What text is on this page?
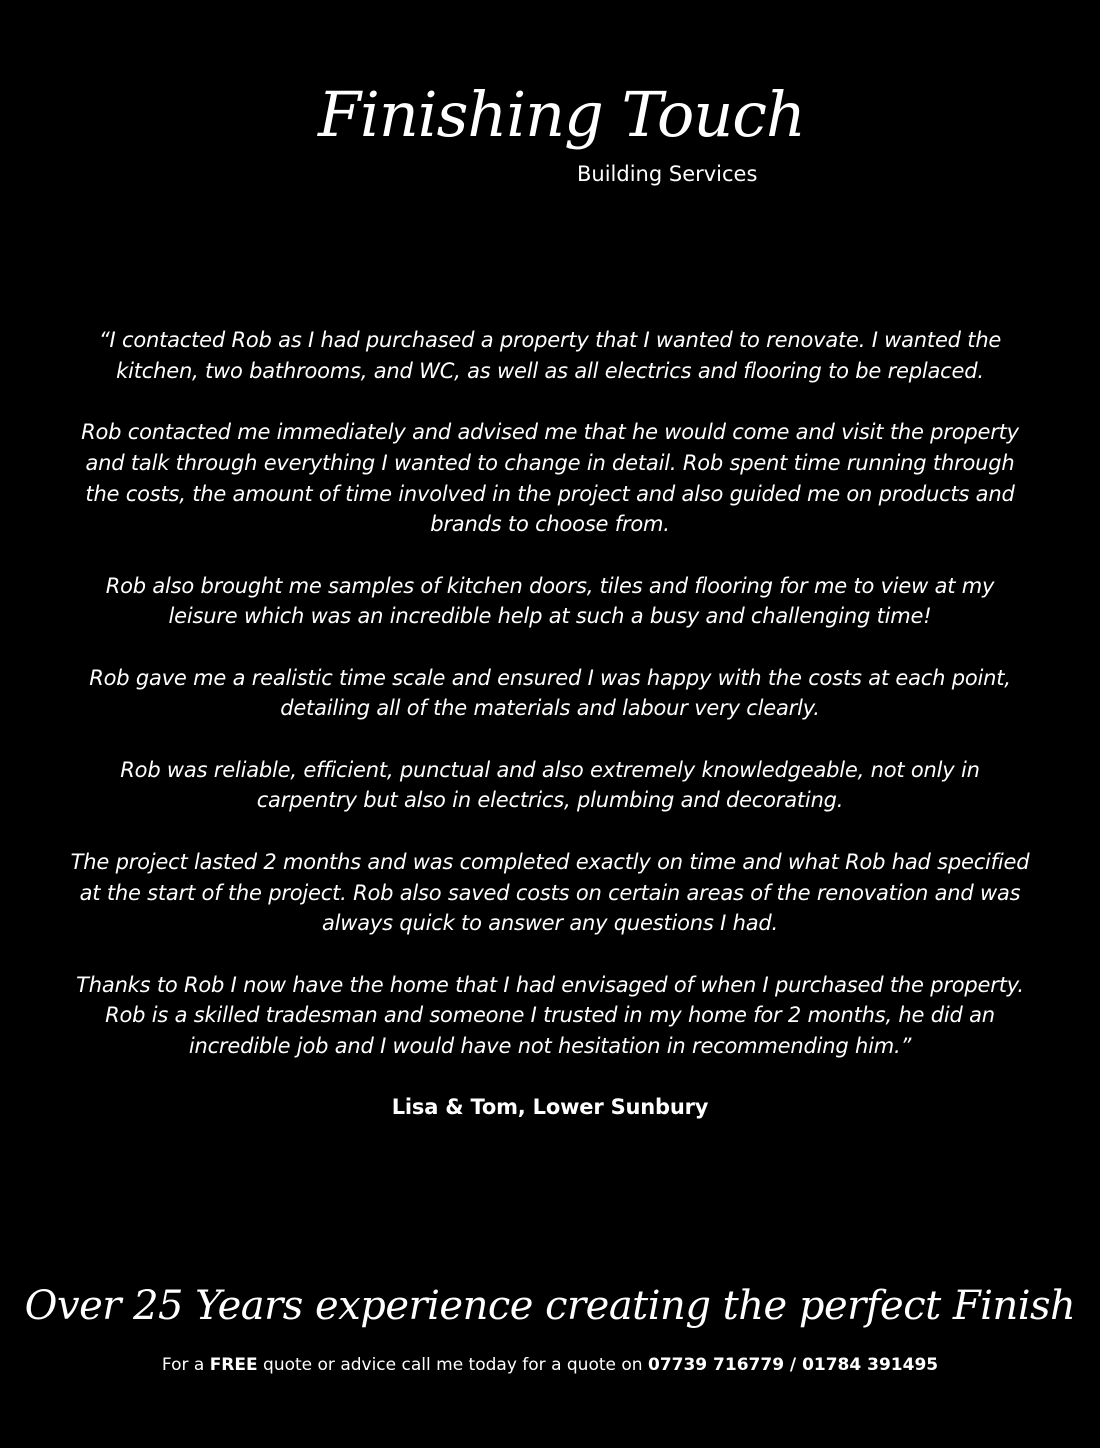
Finishing Touch
Building Services

“I contacted Rob as I had purchased a property that I wanted to renovate. I wanted the kitchen, two bathrooms, and WC, as well as all electrics and flooring to be replaced.

Rob contacted me immediately and advised me that he would come and visit the property and talk through everything I wanted to change in detail. Rob spent time running through the costs, the amount of time involved in the project and also guided me on products and brands to choose from.

Rob also brought me samples of kitchen doors, tiles and flooring for me to view at my leisure which was an incredible help at such a busy and challenging time!

Rob gave me a realistic time scale and ensured I was happy with the costs at each point, detailing all of the materials and labour very clearly.

Rob was reliable, efficient, punctual and also extremely knowledgeable, not only in carpentry but also in electrics, plumbing and decorating.

The project lasted 2 months and was completed exactly on time and what Rob had specified at the start of the project. Rob also saved costs on certain areas of the renovation and was always quick to answer any questions I had.

Thanks to Rob I now have the home that I had envisaged of when I purchased the property. Rob is a skilled tradesman and someone I trusted in my home for 2 months, he did an incredible job and I would have not hesitation in recommending him.”

Lisa & Tom, Lower Sunbury
Over 25 Years experience creating the perfect Finish
For a FREE quote or advice call me today for a quote on 07739 716779 / 01784 391495
